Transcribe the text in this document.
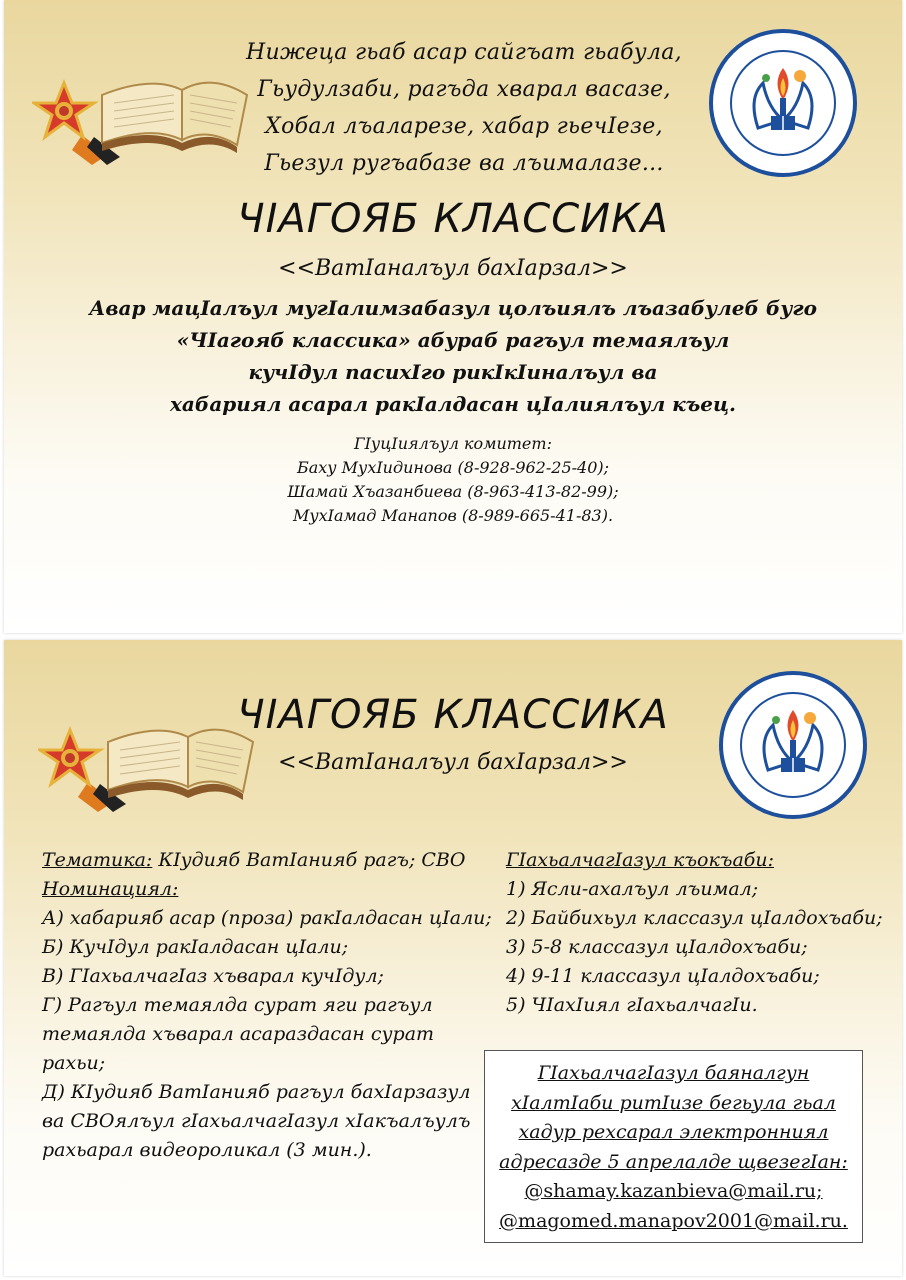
Нижеца гьаб асар сайгъат гьабула,
Гьудулзаби, рагъда хварал васазе,
Хобал лъаларезе, хабар гьечIезе,
Гьезул ругъабазе ва лъималазе...
ЧIАГОЯБ КЛАССИКА
<<ВатIаналъул бахIарзал>>
Авар мацIалъул мугIалимзабазул цолъиялъ лъазабулеб буго
«ЧIагояб классика» абураб рагъул темаялъул
кучIдул пасихIго рикIкIиналъул ва
хабариял асарал ракIалдасан цIалиялъул къец.
ГIуцIиялъул комитет:
Баху МухIидинова (8-928-962-25-40);
Шамай Хъазанбиева (8-963-413-82-99);
МухIамад Манапов (8-989-665-41-83).
ЧIАГОЯБ КЛАССИКА
<<ВатIаналъул бахIарзал>>
Тематика: КIудияб ВатIанияб рагъ; СВО
Номинациял:
А) хабарияб асар (проза) ракIалдасан цIали;
Б) КучIдул ракIалдасан цIали;
В) ГIахьалчагIаз хъварал кучIдул;
Г) Рагъул темаялда сурат яги рагъул
темаялда хъварал асараздасан сурат
рахьи;
Д) КIудияб ВатIанияб рагъул бахIарзазул
ва СВОялъул гIахьалчагIазул хIакъалъулъ
рахьарал видеороликал (3 мин.).
ГIахьалчагIазул къокъаби:
1) Ясли-ахалъул лъимал;
2) Байбихьул классазул цIалдохъаби;
3) 5-8 классазул цIалдохъаби;
4) 9-11 классазул цIалдохъаби;
5) ЧIахIиял гIахьалчагIи.
ГIахьалчагIазул баяналгун
хIалтIаби ритIизе бегьула гьал
хадур рехсарал электронниял
адресазде 5 апрелалде щвезегIан:
@shamay.kazanbieva@mail.ru;
@magomed.manapov2001@mail.ru.
